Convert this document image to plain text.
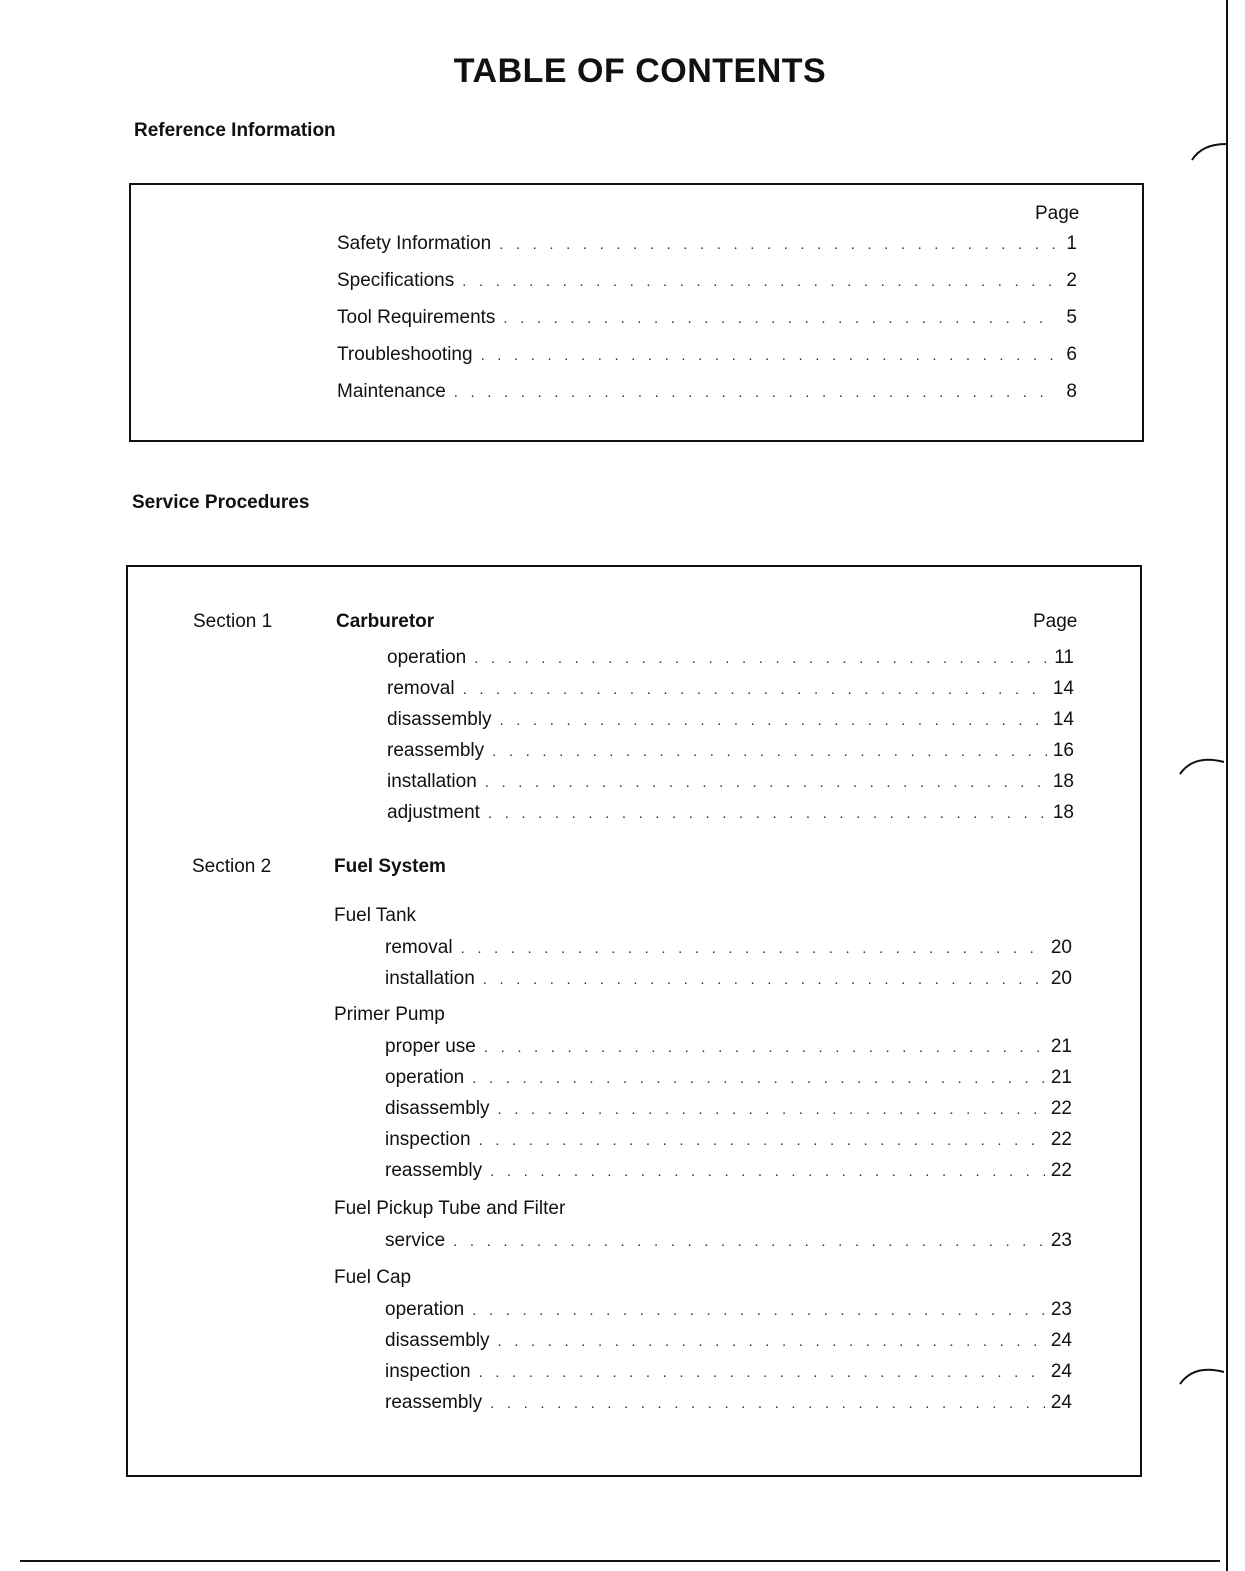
TABLE OF CONTENTS
Reference Information
Page
Safety Information . . .	1
Specifications . . .	2
Tool Requirements . . .	5
Troubleshooting . . .	6
Maintenance . . .	8
Service Procedures
Section 1	Carburetor	Page
operation . . .	11
removal . . .	14
disassembly . . .	14
reassembly . . .	16
installation . . .	18
adjustment . . .	18
Section 2	Fuel System
Fuel Tank
removal . . .	20
installation . . .	20
Primer Pump
proper use . . .	21
operation . . .	21
disassembly . . .	22
inspection . . .	22
reassembly . . .	22
Fuel Pickup Tube and Filter
service . . .	23
Fuel Cap
operation . . .	23
disassembly . . .	24
inspection . . .	24
reassembly . . .	24
